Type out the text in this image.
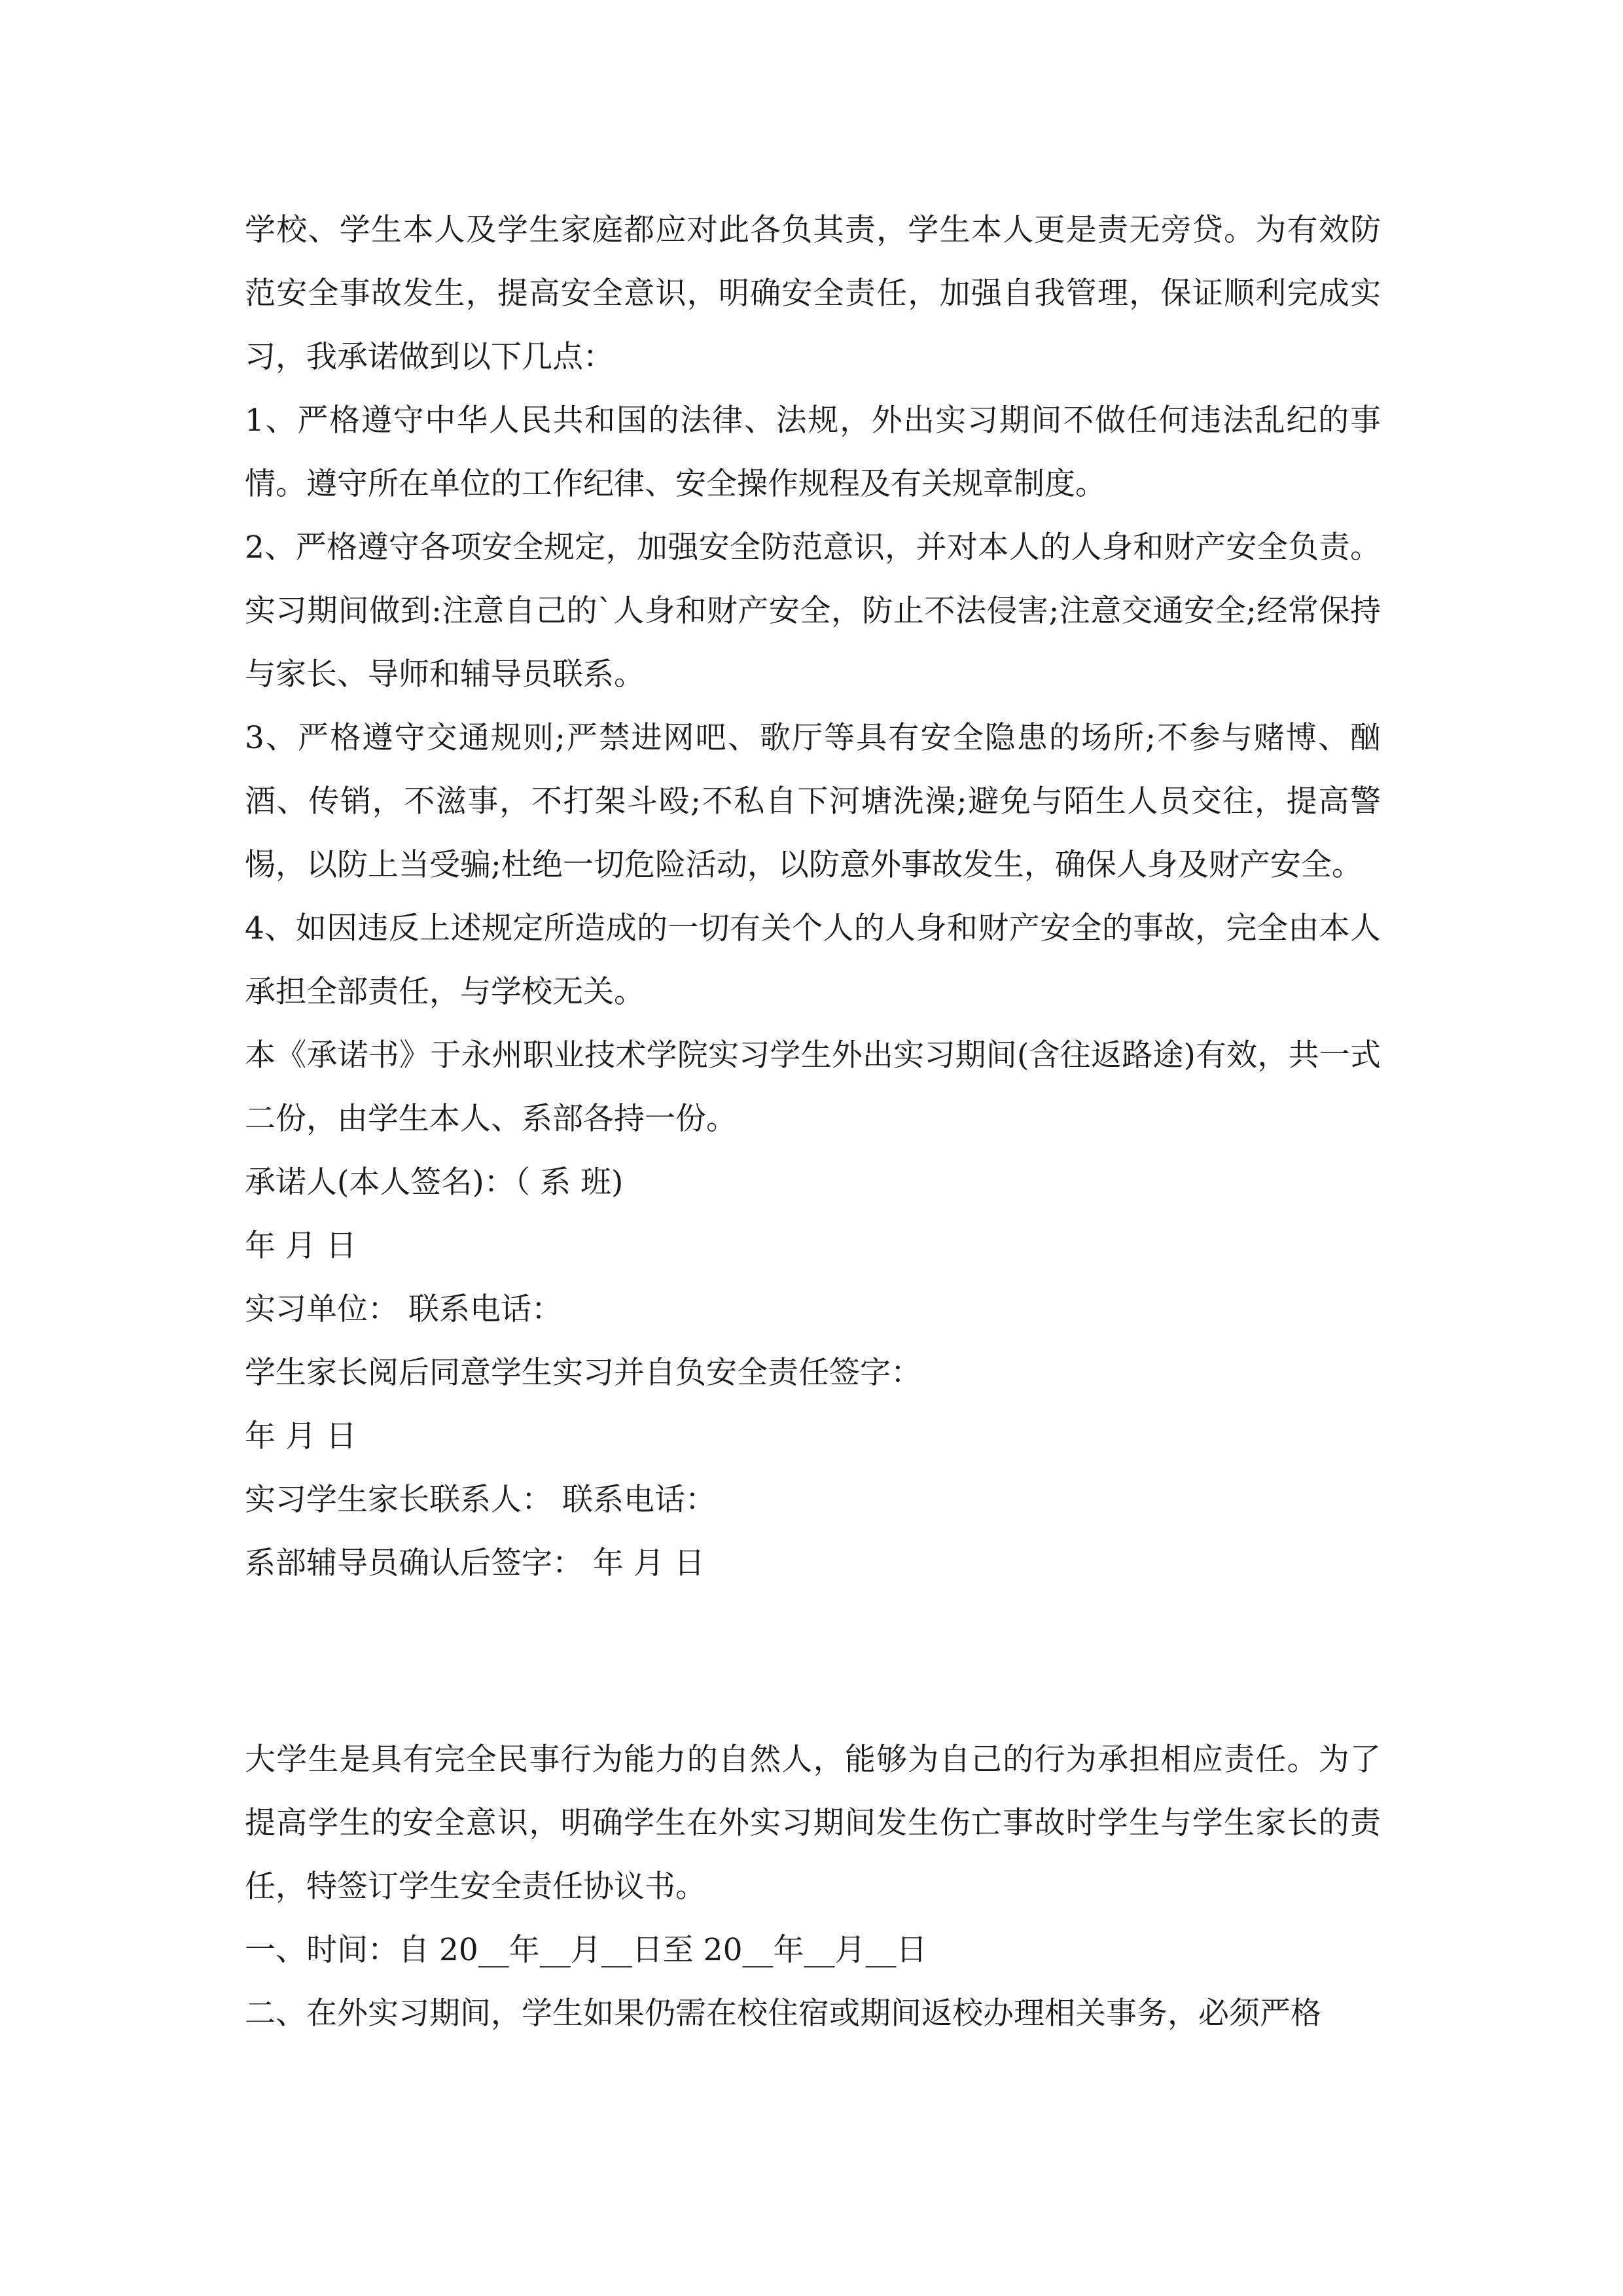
学校、学生本人及学生家庭都应对此各负其责，学生本人更是责无旁贷。为有效防范安全事故发生，提高安全意识，明确安全责任，加强自我管理，保证顺利完成实习，我承诺做到以下几点：

1、严格遵守中华人民共和国的法律、法规，外出实习期间不做任何违法乱纪的事情。遵守所在单位的工作纪律、安全操作规程及有关规章制度。

2、严格遵守各项安全规定，加强安全防范意识，并对本人的人身和财产安全负责。实习期间做到:注意自己的`人身和财产安全，防止不法侵害;注意交通安全;经常保持与家长、导师和辅导员联系。

3、严格遵守交通规则;严禁进网吧、歌厅等具有安全隐患的场所;不参与赌博、酗酒、传销，不滋事，不打架斗殴;不私自下河塘洗澡;避免与陌生人员交往，提高警惕，以防上当受骗;杜绝一切危险活动，以防意外事故发生，确保人身及财产安全。

4、如因违反上述规定所造成的一切有关个人的人身和财产安全的事故，完全由本人承担全部责任，与学校无关。

本《承诺书》于永州职业技术学院实习学生外出实习期间(含往返路途)有效，共一式二份，由学生本人、系部各持一份。

承诺人(本人签名)：（ 系 班)

年 月 日

实习单位： 联系电话：

学生家长阅后同意学生实习并自负安全责任签字：

年 月 日

实习学生家长联系人： 联系电话：

系部辅导员确认后签字： 年 月 日

大学生是具有完全民事行为能力的自然人，能够为自己的行为承担相应责任。为了提高学生的安全意识，明确学生在外实习期间发生伤亡事故时学生与学生家长的责任，特签订学生安全责任协议书。

一、时间：自 20__年__月__日至 20__年__月__日

二、在外实习期间，学生如果仍需在校住宿或期间返校办理相关事务，必须严格
